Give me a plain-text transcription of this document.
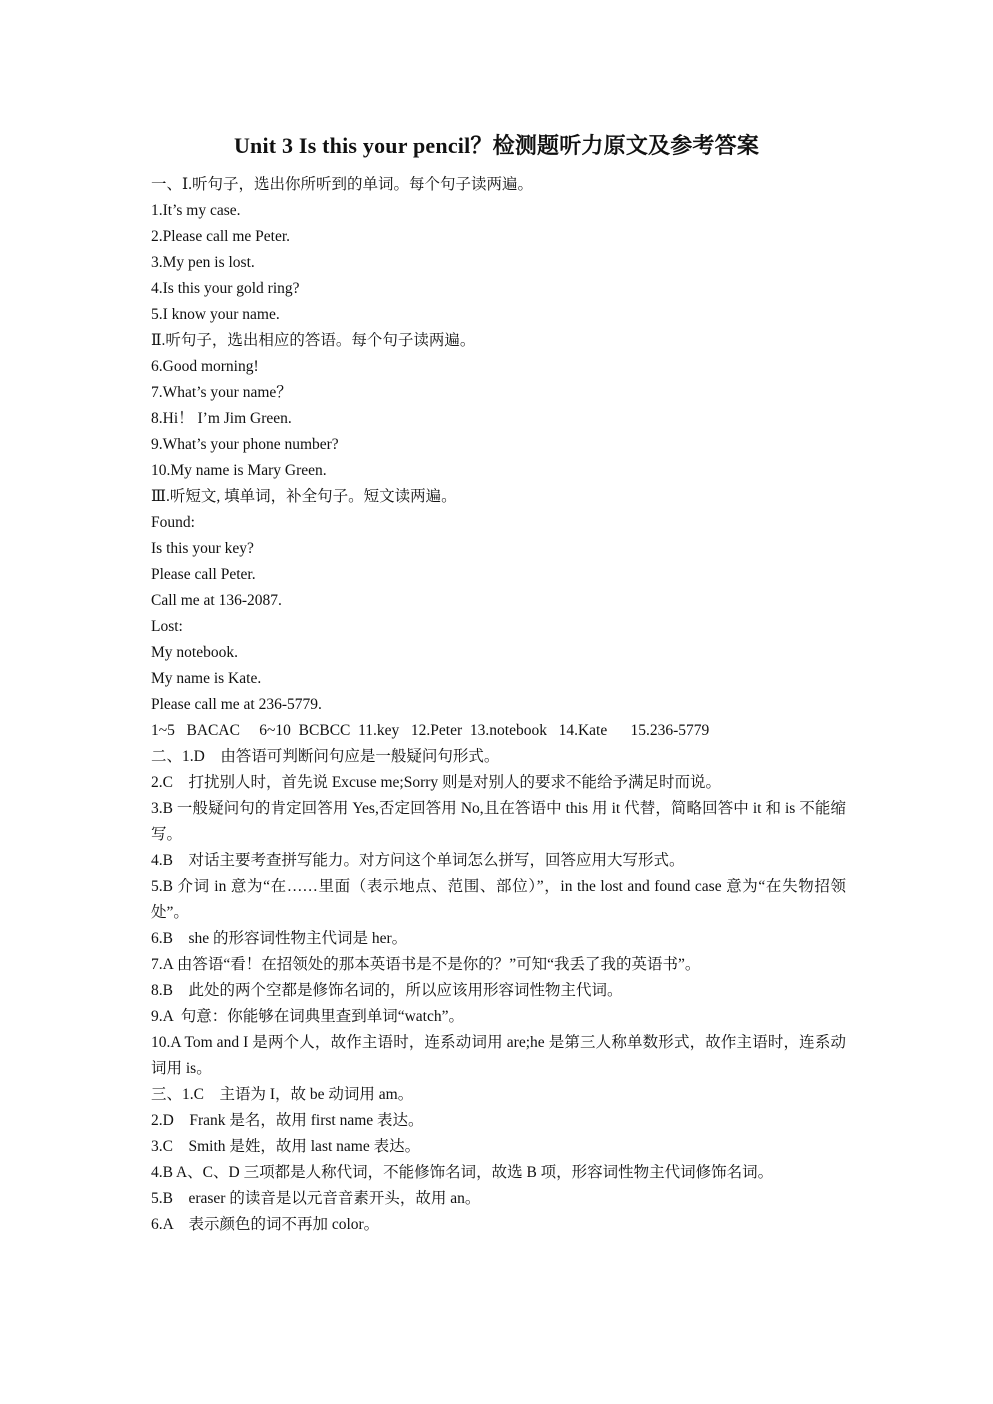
Unit 3 Is this your pencil？检测题听力原文及参考答案
一、Ⅰ.听句子，选出你所听到的单词。每个句子读两遍。
1.It’s my case.
2.Please call me Peter.
3.My pen is lost.
4.Is this your gold ring?
5.I know your name.
Ⅱ.听句子，选出相应的答语。每个句子读两遍。
6.Good morning!
7.What’s your name？
8.Hi！ I’m Jim Green.
9.What’s your phone number?
10.My name is Mary Green.
Ⅲ.听短文, 填单词，补全句子。短文读两遍。
Found:
Is this your key?
Please call Peter.
Call me at 136-2087.
Lost:
My notebook.
My name is Kate.
Please call me at 236-5779.
1~5   BACAC     6~10  BCBCC  11.key   12.Peter  13.notebook   14.Kate      15.236-5779
二、1.D    由答语可判断问句应是一般疑问句形式。
2.C    打扰别人时，首先说 Excuse me;Sorry 则是对别人的要求不能给予满足时而说。
3.B 一般疑问句的肯定回答用 Yes,否定回答用 No,且在答语中 this 用 it 代替，简略回答中 it 和 is 不能缩写。
4.B    对话主要考查拼写能力。对方问这个单词怎么拼写，回答应用大写形式。
5.B 介词 in 意为“在……里面（表示地点、范围、部位）”，in the lost and found case 意为“在失物招领处”。
6.B    she 的形容词性物主代词是 her。
7.A 由答语“看！在招领处的那本英语书是不是你的？”可知“我丢了我的英语书”。
8.B    此处的两个空都是修饰名词的，所以应该用形容词性物主代词。
9.A  句意：你能够在词典里查到单词“watch”。
10.A Tom and I 是两个人，故作主语时，连系动词用 are;he 是第三人称单数形式，故作主语时，连系动词用 is。
三、1.C    主语为 I，故 be 动词用 am。
2.D    Frank 是名，故用 first name 表达。
3.C    Smith 是姓，故用 last name 表达。
4.B A、C、D 三项都是人称代词，不能修饰名词，故选 B 项，形容词性物主代词修饰名词。
5.B    eraser 的读音是以元音音素开头，故用 an。
6.A    表示颜色的词不再加 color。
